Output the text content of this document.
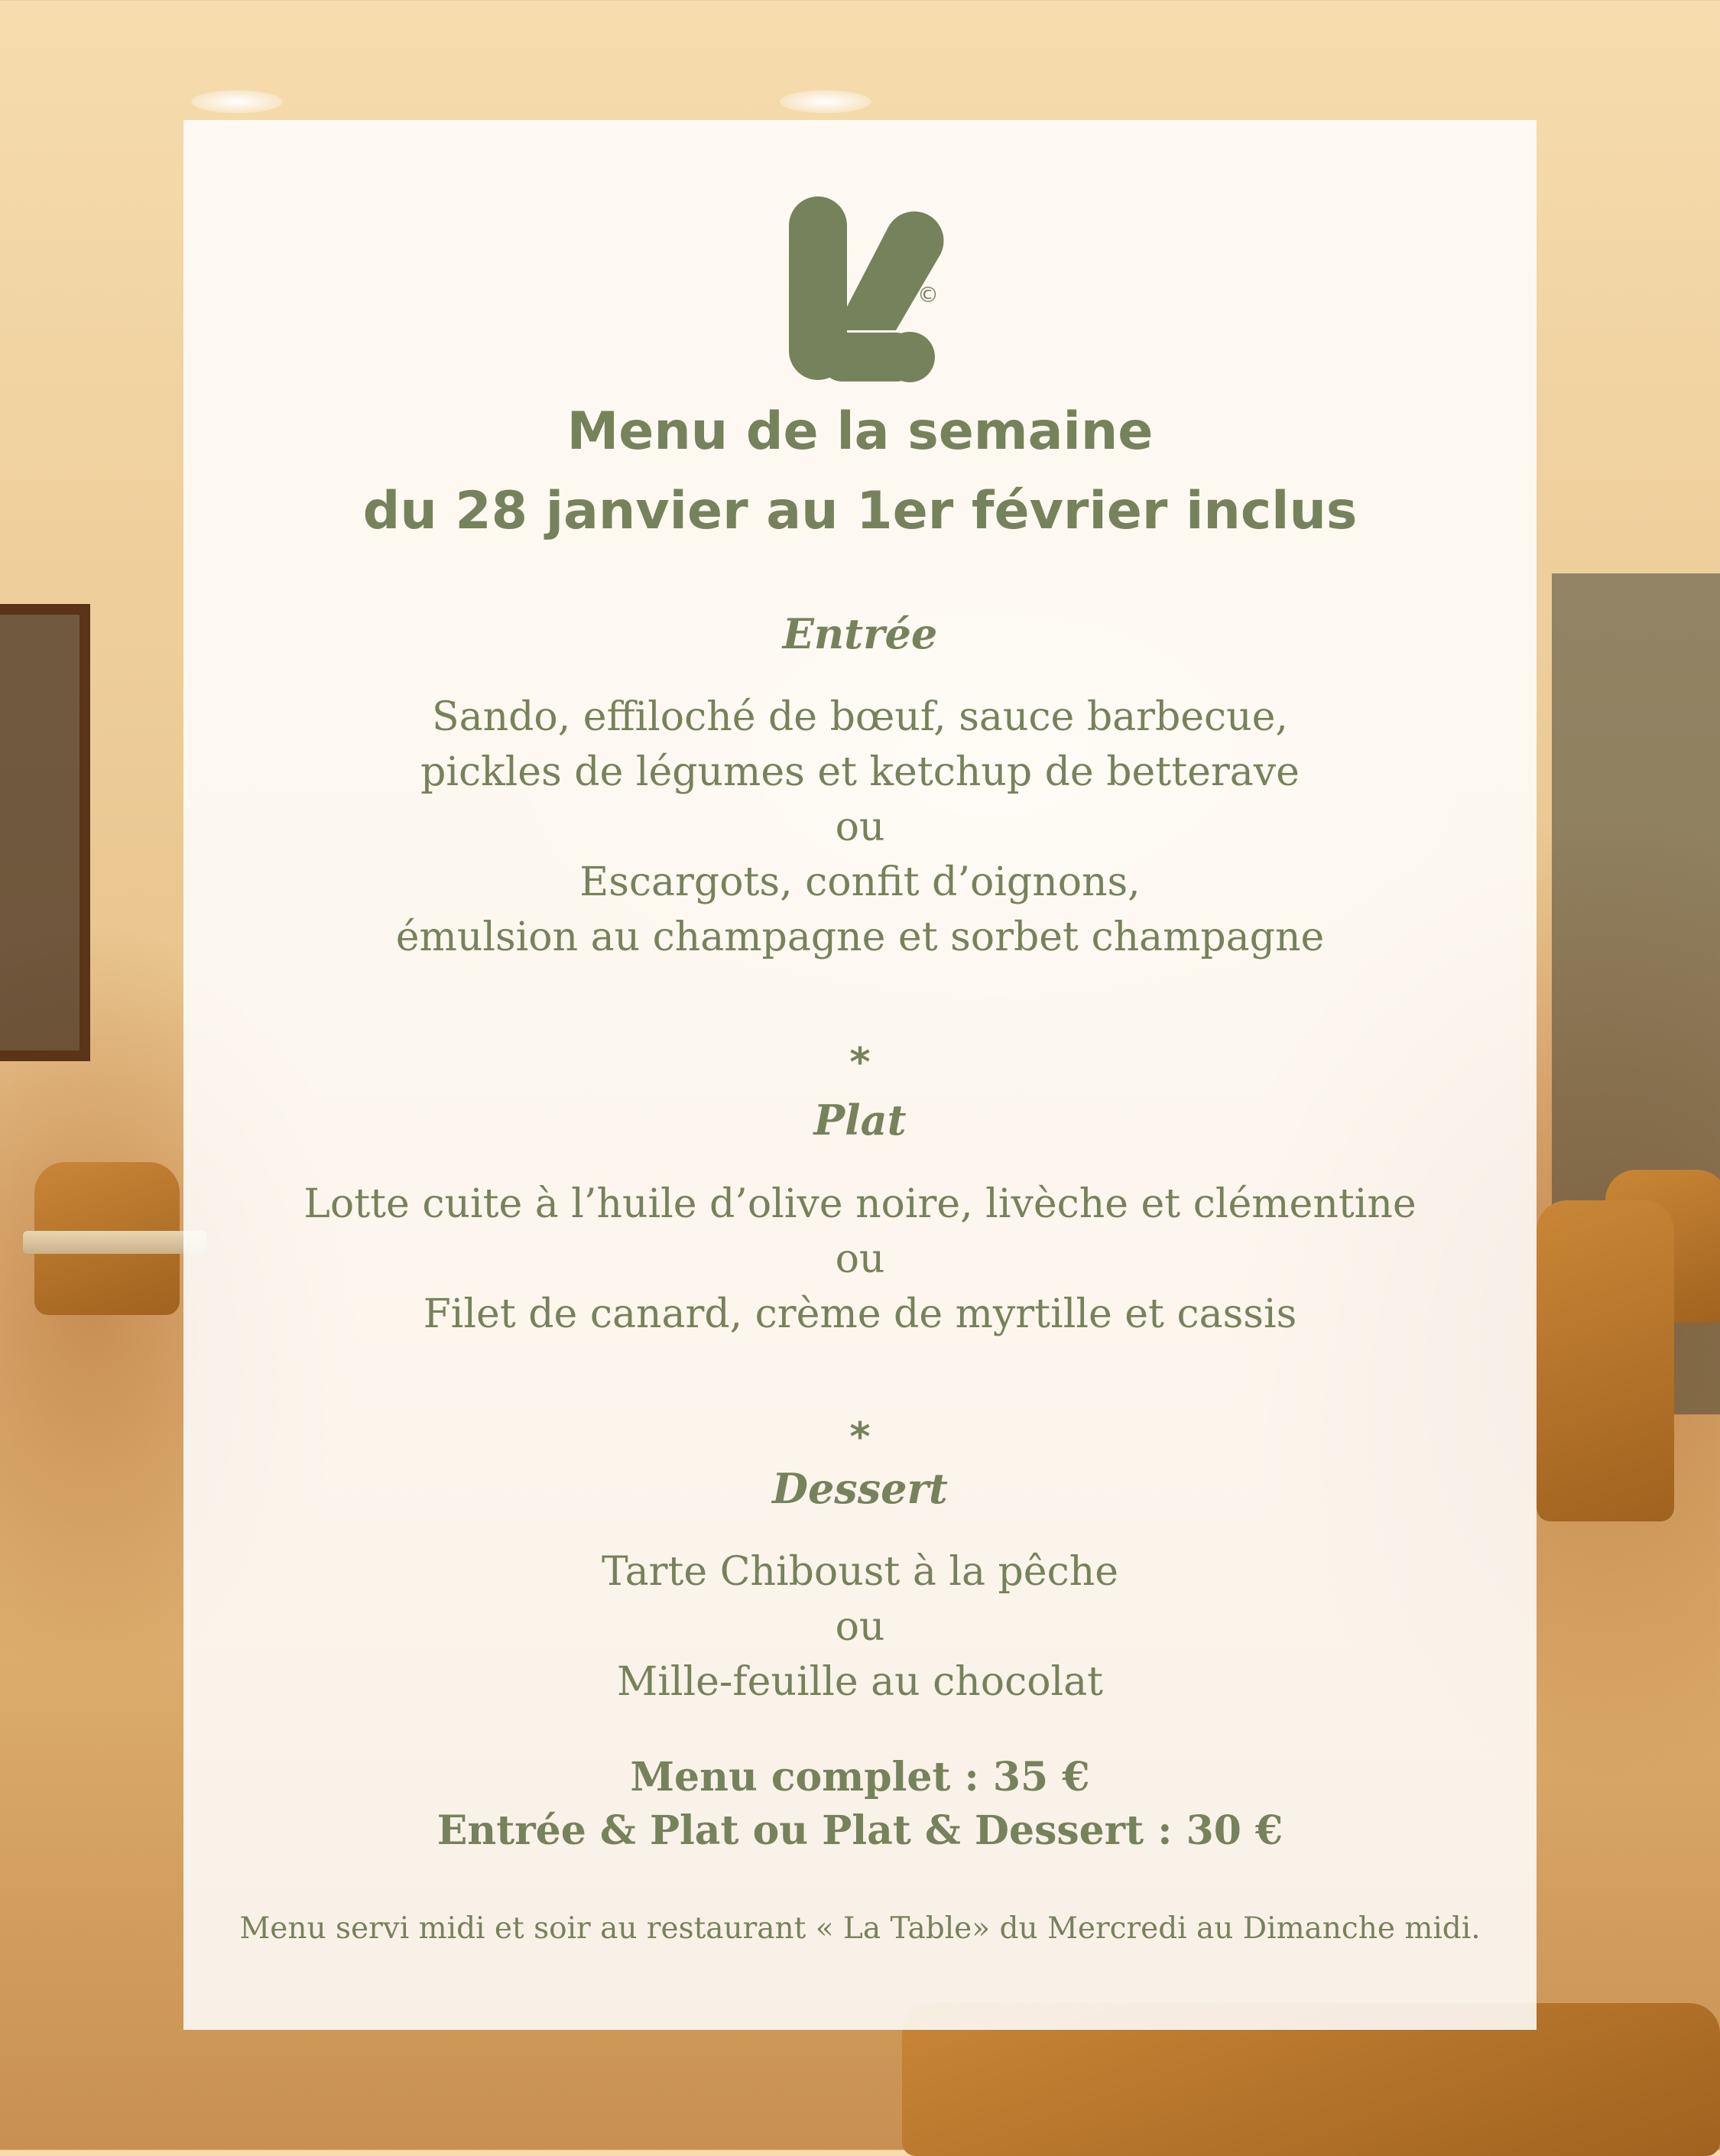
©
Menu de la semaine
du 28 janvier au 1er février inclus
Entrée
Sando, effiloché de bœuf, sauce barbecue,
pickles de légumes et ketchup de betterave
ou
Escargots, confit d’oignons,
émulsion au champagne et sorbet champagne
*
Plat
Lotte cuite à l’huile d’olive noire, livèche et clémentine
ou
Filet de canard, crème de myrtille et cassis
*
Dessert
Tarte Chiboust à la pêche
ou
Mille-feuille au chocolat
Menu complet : 35 €
Entrée & Plat ou Plat & Dessert : 30 €
Menu servi midi et soir au restaurant « La Table» du Mercredi au Dimanche midi.
